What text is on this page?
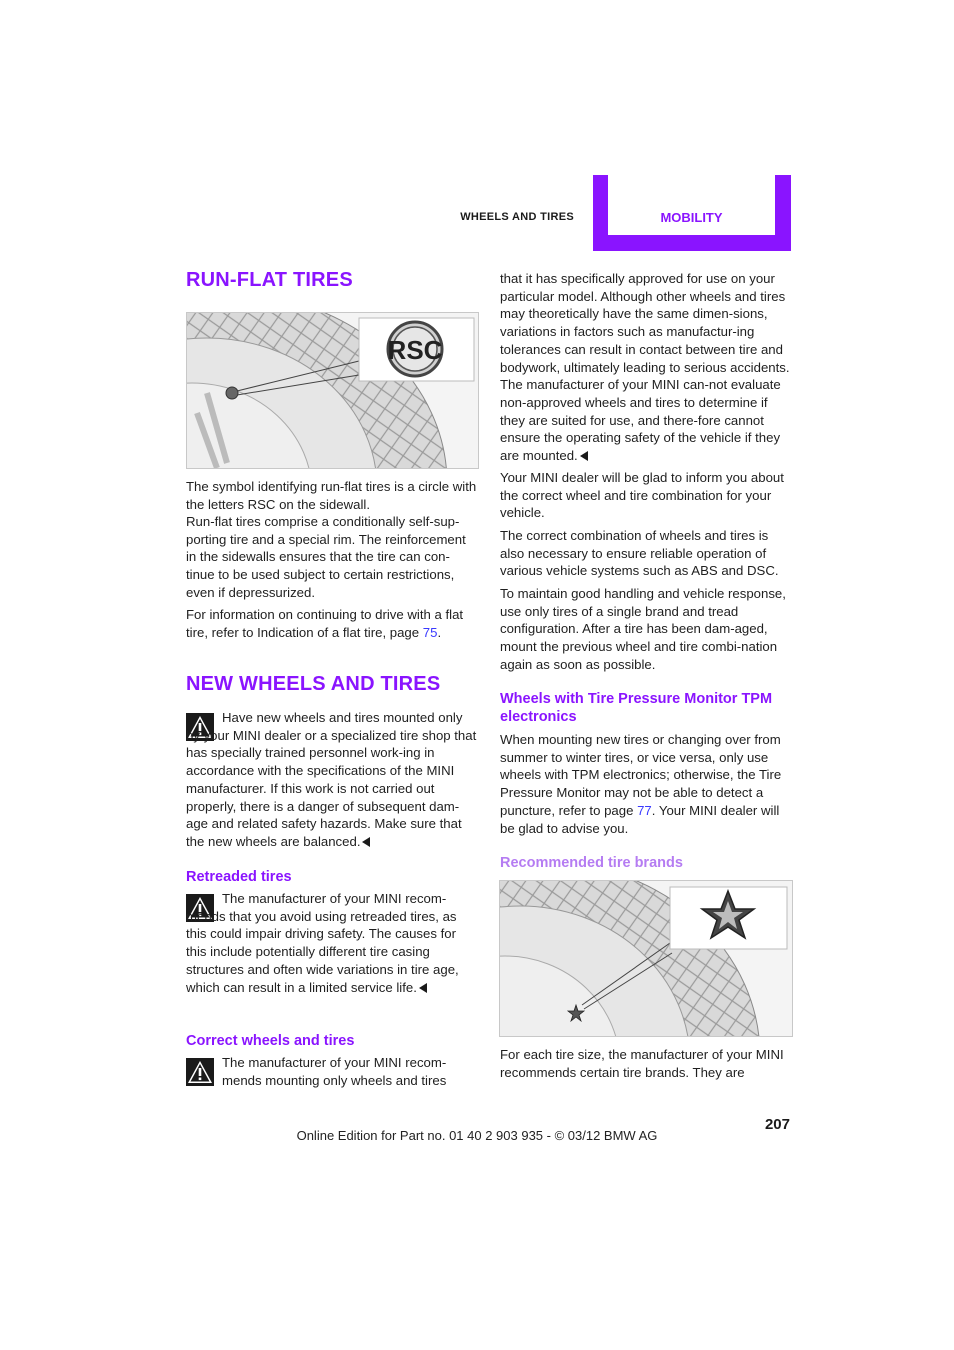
WHEELS AND TIRES	MOBILITY
RUN-FLAT TIRES
RSC

The symbol identifying run-flat tires is a circle with the letters RSC on the sidewall.

Run-flat tires comprise a conditionally self-sup-porting tire and a special rim. The reinforcement in the sidewalls ensures that the tire can con-tinue to be used subject to certain restrictions, even if depressurized.

For information on continuing to drive with a flat tire, refer to Indication of a flat tire, page 75.

NEW WHEELS AND TIRES

Have new wheels and tires mounted only by your MINI dealer or a specialized tire shop that has specially trained personnel work-ing in accordance with the specifications of the MINI manufacturer. If this work is not carried out properly, there is a danger of subsequent dam-age and related safety hazards. Make sure that the new wheels are balanced.

Retreaded tires

The manufacturer of your MINI recom-mends that you avoid using retreaded tires, as this could impair driving safety. The causes for this include potentially different tire casing structures and often wide variations in tire age, which can result in a limited service life.

Correct wheels and tires

The manufacturer of your MINI recom-mends mounting only wheels and tires

that it has specifically approved for use on your particular model. Although other wheels and tires may theoretically have the same dimen-sions, variations in factors such as manufactur-ing tolerances can result in contact between tire and bodywork, ultimately leading to serious accidents. The manufacturer of your MINI can-not evaluate non-approved wheels and tires to determine if they are suited for use, and there-fore cannot ensure the operating safety of the vehicle if they are mounted.

Your MINI dealer will be glad to inform you about the correct wheel and tire combination for your vehicle.

The correct combination of wheels and tires is also necessary to ensure reliable operation of various vehicle systems such as ABS and DSC.

To maintain good handling and vehicle response, use only tires of a single brand and tread configuration. After a tire has been dam-aged, mount the previous wheel and tire combi-nation again as soon as possible.

Wheels with Tire Pressure Monitor TPM electronics

When mounting new tires or changing over from summer to winter tires, or vice versa, only use wheels with TPM electronics; otherwise, the Tire Pressure Monitor may not be able to detect a puncture, refer to page 77. Your MINI dealer will be glad to advise you.

Recommended tire brands

For each tire size, the manufacturer of your MINI recommends certain tire brands. They are

207
Online Edition for Part no. 01 40 2 903 935 - © 03/12 BMW AG
